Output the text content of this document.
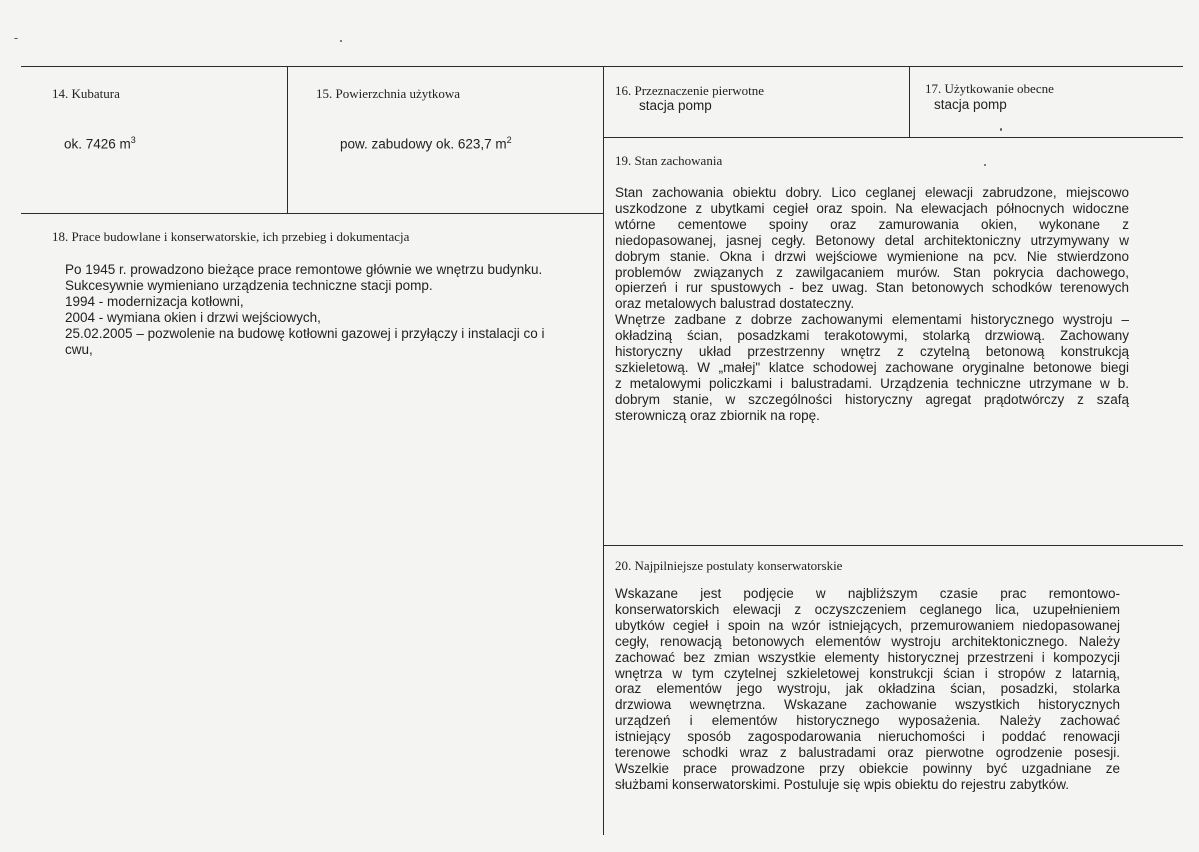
14. Kubatura
ok. 7426 $m^3$
15. Powierzchnia użytkowa
pow. zabudowy ok. 623,7 $m^2$
16. Przeznaczenie pierwotne
stacja pomp
17. Użytkowanie obecne
stacja pomp
18. Prace budowlane i konserwatorskie, ich przebieg i dokumentacja
Po 1945 r. prowadzono bieżące prace remontowe głównie we wnętrzu budynku.
Sukcesywnie wymieniano urządzenia techniczne stacji pomp.
1994 - modernizacja kotłowni,
2004 - wymiana okien i drzwi wejściowych,
25.02.2005 – pozwolenie na budowę kotłowni gazowej i przyłączy i instalacji co i
cwu,
19. Stan zachowania
Stan zachowania obiektu dobry. Lico ceglanej elewacji zabrudzone, miejscowo
uszkodzone z ubytkami cegieł oraz spoin. Na elewacjach północnych widoczne
wtórne cementowe spoiny oraz zamurowania okien, wykonane z
niedopasowanej, jasnej cegły. Betonowy detal architektoniczny utrzymywany w
dobrym stanie. Okna i drzwi wejściowe wymienione na pcv. Nie stwierdzono
problemów związanych z zawilgacaniem murów. Stan pokrycia dachowego,
opierzeń i rur spustowych - bez uwag. Stan betonowych schodków terenowych
oraz metalowych balustrad dostateczny.
Wnętrze zadbane z dobrze zachowanymi elementami historycznego wystroju –
okładziną ścian, posadzkami terakotowymi, stolarką drzwiową. Zachowany
historyczny układ przestrzenny wnętrz z czytelną betonową konstrukcją
szkieletową. W „małej" klatce schodowej zachowane oryginalne betonowe biegi
z metalowymi policzkami i balustradami. Urządzenia techniczne utrzymane w b.
dobrym stanie, w szczególności historyczny agregat prądotwórczy z szafą
sterowniczą oraz zbiornik na ropę.
20. Najpilniejsze postulaty konserwatorskie
Wskazane jest podjęcie w najbliższym czasie prac remontowo-
konserwatorskich elewacji z oczyszczeniem ceglanego lica, uzupełnieniem
ubytków cegieł i spoin na wzór istniejących, przemurowaniem niedopasowanej
cegły, renowacją betonowych elementów wystroju architektonicznego. Należy
zachować bez zmian wszystkie elementy historycznej przestrzeni i kompozycji
wnętrza w tym czytelnej szkieletowej konstrukcji ścian i stropów z latarnią,
oraz elementów jego wystroju, jak okładzina ścian, posadzki, stolarka
drzwiowa wewnętrzna. Wskazane zachowanie wszystkich historycznych
urządzeń i elementów historycznego wyposażenia. Należy zachować
istniejący sposób zagospodarowania nieruchomości i poddać renowacji
terenowe schodki wraz z balustradami oraz pierwotne ogrodzenie posesji.
Wszelkie prace prowadzone przy obiekcie powinny być uzgadniane ze
służbami konserwatorskimi. Postuluje się wpis obiektu do rejestru zabytków.
